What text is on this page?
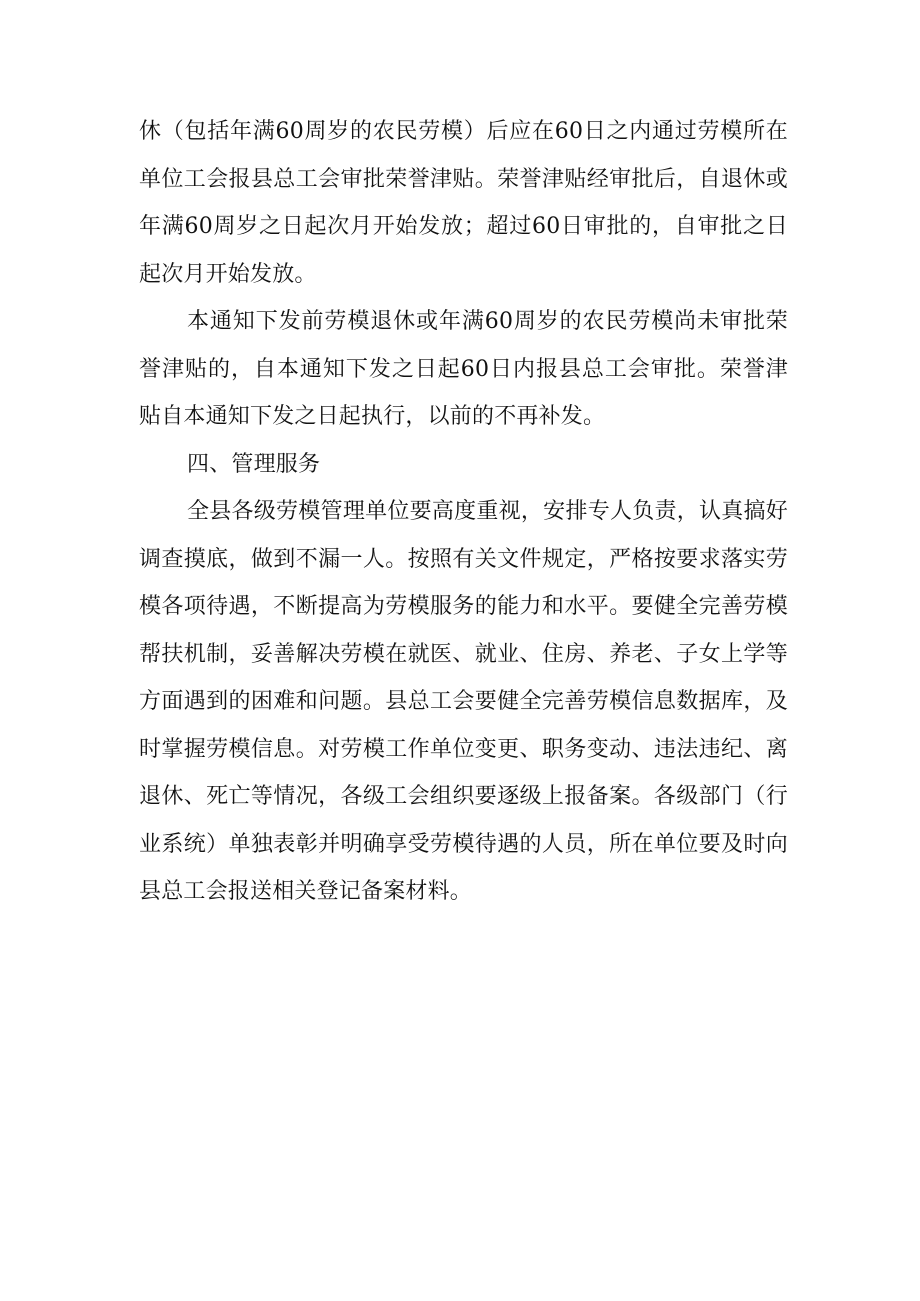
休（包括年满60周岁的农民劳模）后应在60日之内通过劳模所在单位工会报县总工会审批荣誉津贴。荣誉津贴经审批后，自退休或年满60周岁之日起次月开始发放；超过60日审批的，自审批之日起次月开始发放。

本通知下发前劳模退休或年满60周岁的农民劳模尚未审批荣誉津贴的，自本通知下发之日起60日内报县总工会审批。荣誉津贴自本通知下发之日起执行，以前的不再补发。

四、管理服务

全县各级劳模管理单位要高度重视，安排专人负责，认真搞好调查摸底，做到不漏一人。按照有关文件规定，严格按要求落实劳模各项待遇，不断提高为劳模服务的能力和水平。要健全完善劳模帮扶机制，妥善解决劳模在就医、就业、住房、养老、子女上学等方面遇到的困难和问题。县总工会要健全完善劳模信息数据库，及时掌握劳模信息。对劳模工作单位变更、职务变动、违法违纪、离退休、死亡等情况，各级工会组织要逐级上报备案。各级部门（行业系统）单独表彰并明确享受劳模待遇的人员，所在单位要及时向县总工会报送相关登记备案材料。
